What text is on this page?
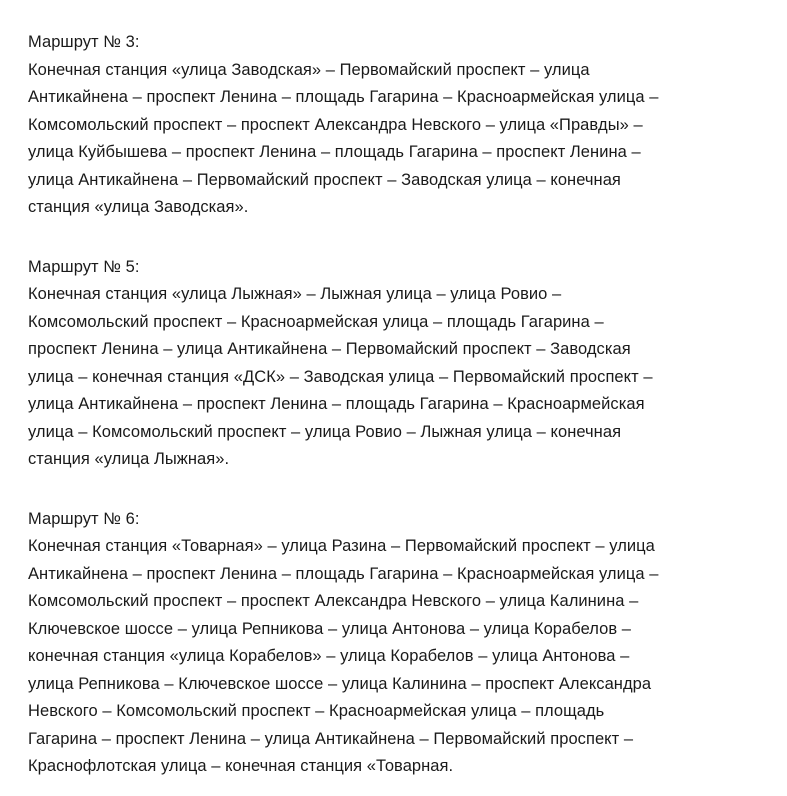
Маршрут № 3:
Конечная станция «улица Заводская» – Первомайский проспект – улица
Антикайнена – проспект Ленина – площадь Гагарина – Красноармейская улица –
Комсомольский проспект – проспект Александра Невского – улица «Правды» –
улица Куйбышева – проспект Ленина – площадь Гагарина – проспект Ленина –
улица Антикайнена – Первомайский проспект – Заводская улица – конечная
станция «улица Заводская».
Маршрут № 5:
Конечная станция «улица Лыжная» – Лыжная улица – улица Ровио –
Комсомольский проспект – Красноармейская улица – площадь Гагарина –
проспект Ленина – улица Антикайнена – Первомайский проспект – Заводская
улица – конечная станция «ДСК» – Заводская улица – Первомайский проспект –
улица Антикайнена – проспект Ленина – площадь Гагарина – Красноармейская
улица – Комсомольский проспект – улица Ровио – Лыжная улица – конечная
станция «улица Лыжная».
Маршрут № 6:
Конечная станция «Товарная» – улица Разина – Первомайский проспект – улица
Антикайнена – проспект Ленина – площадь Гагарина – Красноармейская улица –
Комсомольский проспект – проспект Александра Невского – улица Калинина –
Ключевское шоссе – улица Репникова – улица Антонова – улица Корабелов –
конечная станция «улица Корабелов» – улица Корабелов – улица Антонова –
улица Репникова – Ключевское шоссе – улица Калинина – проспект Александра
Невского – Комсомольский проспект – Красноармейская улица – площадь
Гагарина – проспект Ленина – улица Антикайнена – Первомайский проспект –
Краснофлотская улица – конечная станция «Товарная.
